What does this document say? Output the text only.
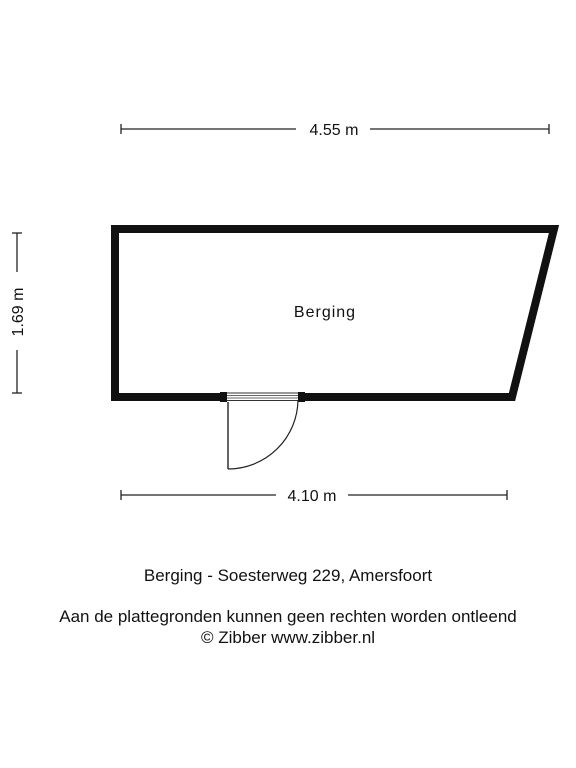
4.55 m
1.69 m	Berging
4.10 m
Berging - Soesterweg 229, Amersfoort
Aan de plattegronden kunnen geen rechten worden ontleend
© Zibber www.zibber.nl
